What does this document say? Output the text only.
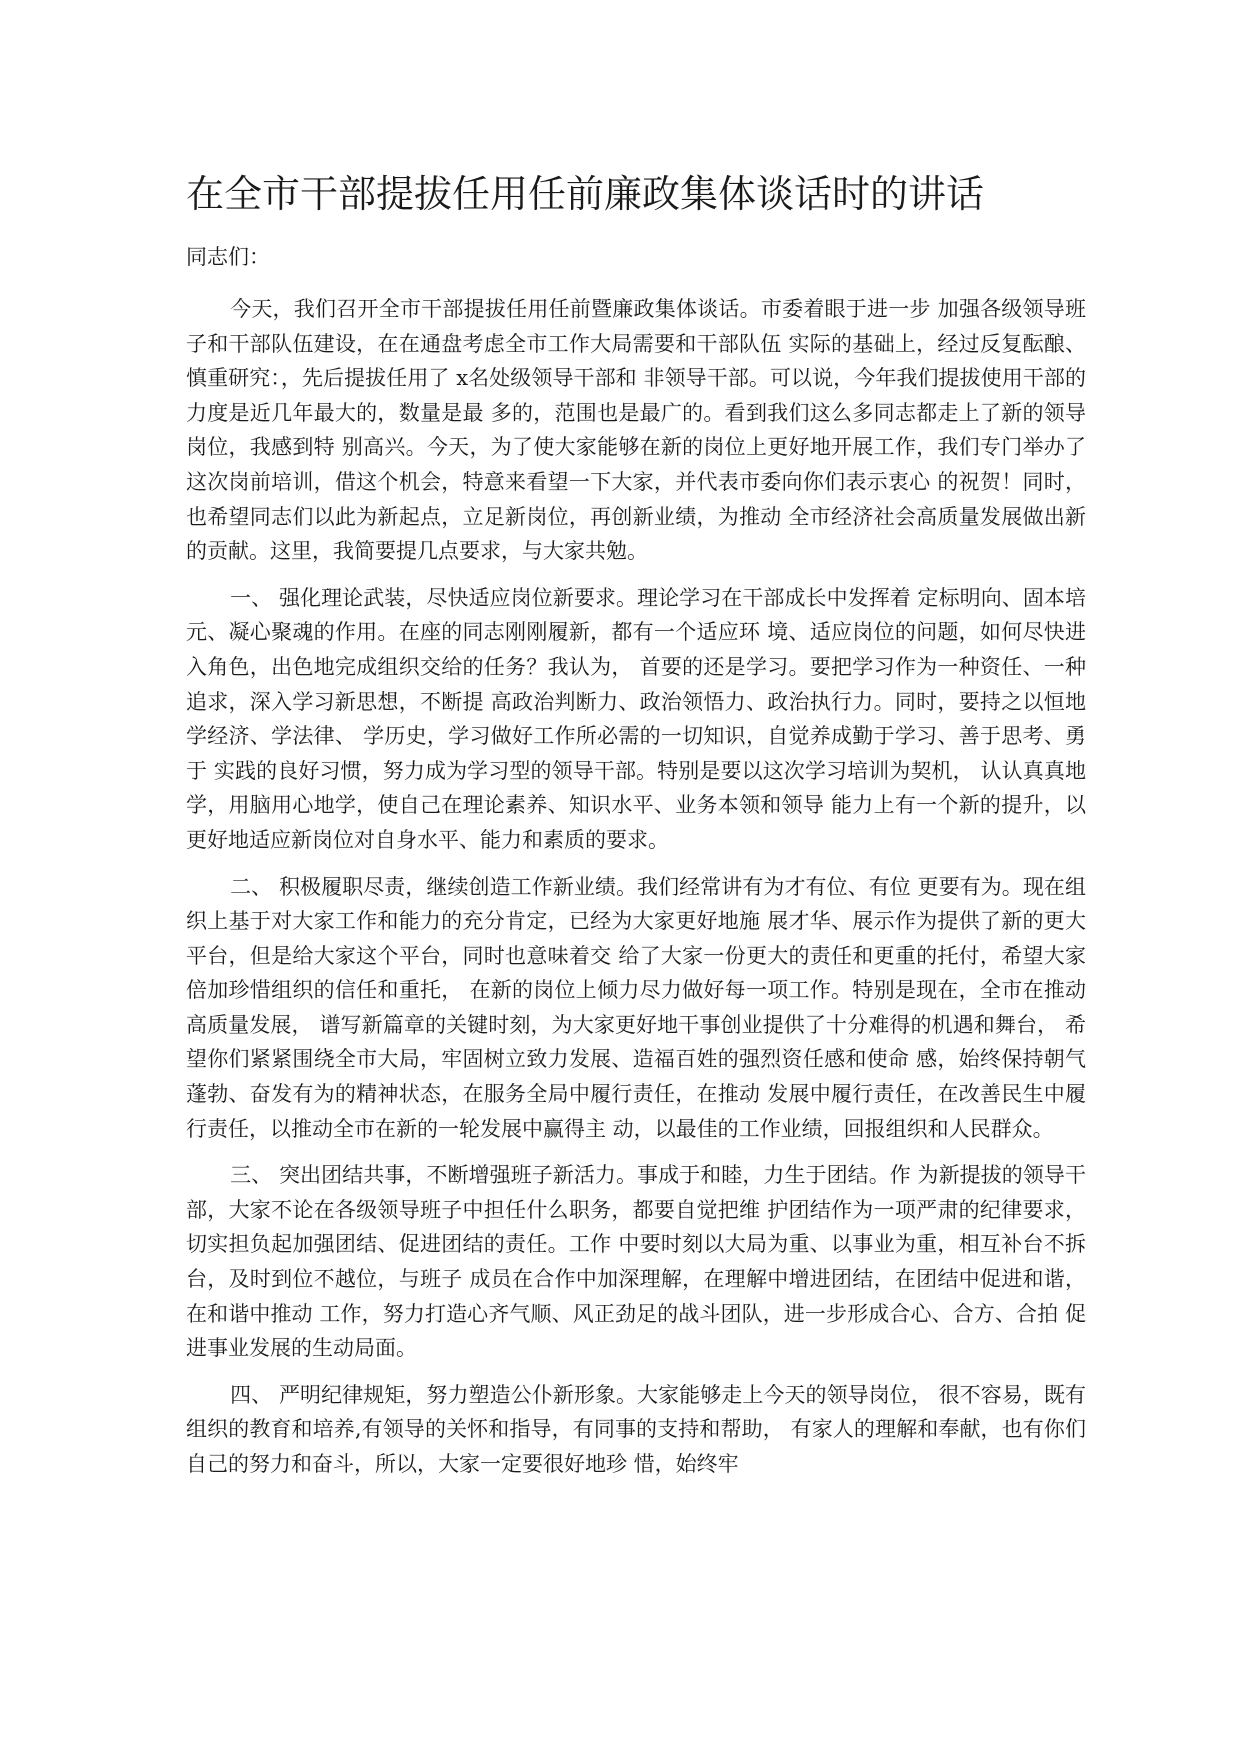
在全市干部提拔任用任前廉政集体谈话时的讲话

同志们：

今天，我们召开全市干部提拔任用任前暨廉政集体谈话。市委着眼于进一步 加强各级领导班子和干部队伍建设，在在通盘考虑全市工作大局需要和干部队伍 实际的基础上，经过反复酝酿、慎重研究：，先后提拔任用了 x名处级领导干部和 非领导干部。可以说，今年我们提拔使用干部的力度是近几年最大的，数量是最 多的，范围也是最广的。看到我们这么多同志都走上了新的领导岗位，我感到特 别高兴。今天，为了使大家能够在新的岗位上更好地开展工作，我们专门举办了 这次岗前培训，借这个机会，特意来看望一下大家，并代表市委向你们表示衷心 的祝贺！同时，也希望同志们以此为新起点，立足新岗位，再创新业绩，为推动 全市经济社会高质量发展做出新的贡献。这里，我简要提几点要求，与大家共勉。

一、 强化理论武装，尽快适应岗位新要求。理论学习在干部成长中发挥着 定标明向、固本培元、凝心聚魂的作用。在座的同志刚刚履新，都有一个适应环 境、适应岗位的问题，如何尽快进入角色，出色地完成组织交给的任务？我认为， 首要的还是学习。要把学习作为一种资任、一种追求，深入学习新思想，不断提 高政治判断力、政治领悟力、政治执行力。同时，要持之以恒地学经济、学法律、 学历史，学习做好工作所必需的一切知识，自觉养成勤于学习、善于思考、勇于 实践的良好习惯，努力成为学习型的领导干部。特别是要以这次学习培训为契机， 认认真真地学，用脑用心地学，使自己在理论素养、知识水平、业务本领和领导 能力上有一个新的提升，以更好地适应新岗位对自身水平、能力和素质的要求。

二、 积极履职尽责，继续创造工作新业绩。我们经常讲有为才有位、有位 更要有为。现在组织上基于对大家工作和能力的充分肯定，已经为大家更好地施 展才华、展示作为提供了新的更大平台，但是给大家这个平台，同时也意味着交 给了大家一份更大的责任和更重的托付，希望大家倍加珍惜组织的信任和重托， 在新的岗位上倾力尽力做好每一项工作。特别是现在，全市在推动高质量发展， 谱写新篇章的关键时刻，为大家更好地干事创业提供了十分难得的机遇和舞台， 希望你们紧紧围绕全市大局，牢固树立致力发展、造福百姓的强烈资任感和使命 感，始终保持朝气蓬勃、奋发有为的精神状态，在服务全局中履行责任，在推动 发展中履行责任，在改善民生中履行责任，以推动全市在新的一轮发展中赢得主 动，以最佳的工作业绩，回报组织和人民群众。

三、 突出团结共事，不断增强班子新活力。事成于和睦，力生于团结。作 为新提拔的领导干部，大家不论在各级领导班子中担任什么职务，都要自觉把维 护团结作为一项严肃的纪律要求，切实担负起加强团结、促进团结的责任。工作 中要时刻以大局为重、以事业为重，相互补台不拆台，及时到位不越位，与班子 成员在合作中加深理解，在理解中增进团结，在团结中促进和谐，在和谐中推动 工作，努力打造心齐气顺、风正劲足的战斗团队，进一步形成合心、合方、合拍 促进事业发展的生动局面。

四、 严明纪律规矩，努力塑造公仆新形象。大家能够走上今天的领导岗位， 很不容易，既有组织的教育和培养,有领导的关怀和指导，有同事的支持和帮助， 有家人的理解和奉献，也有你们自己的努力和奋斗，所以，大家一定要很好地珍 惜，始终牢
